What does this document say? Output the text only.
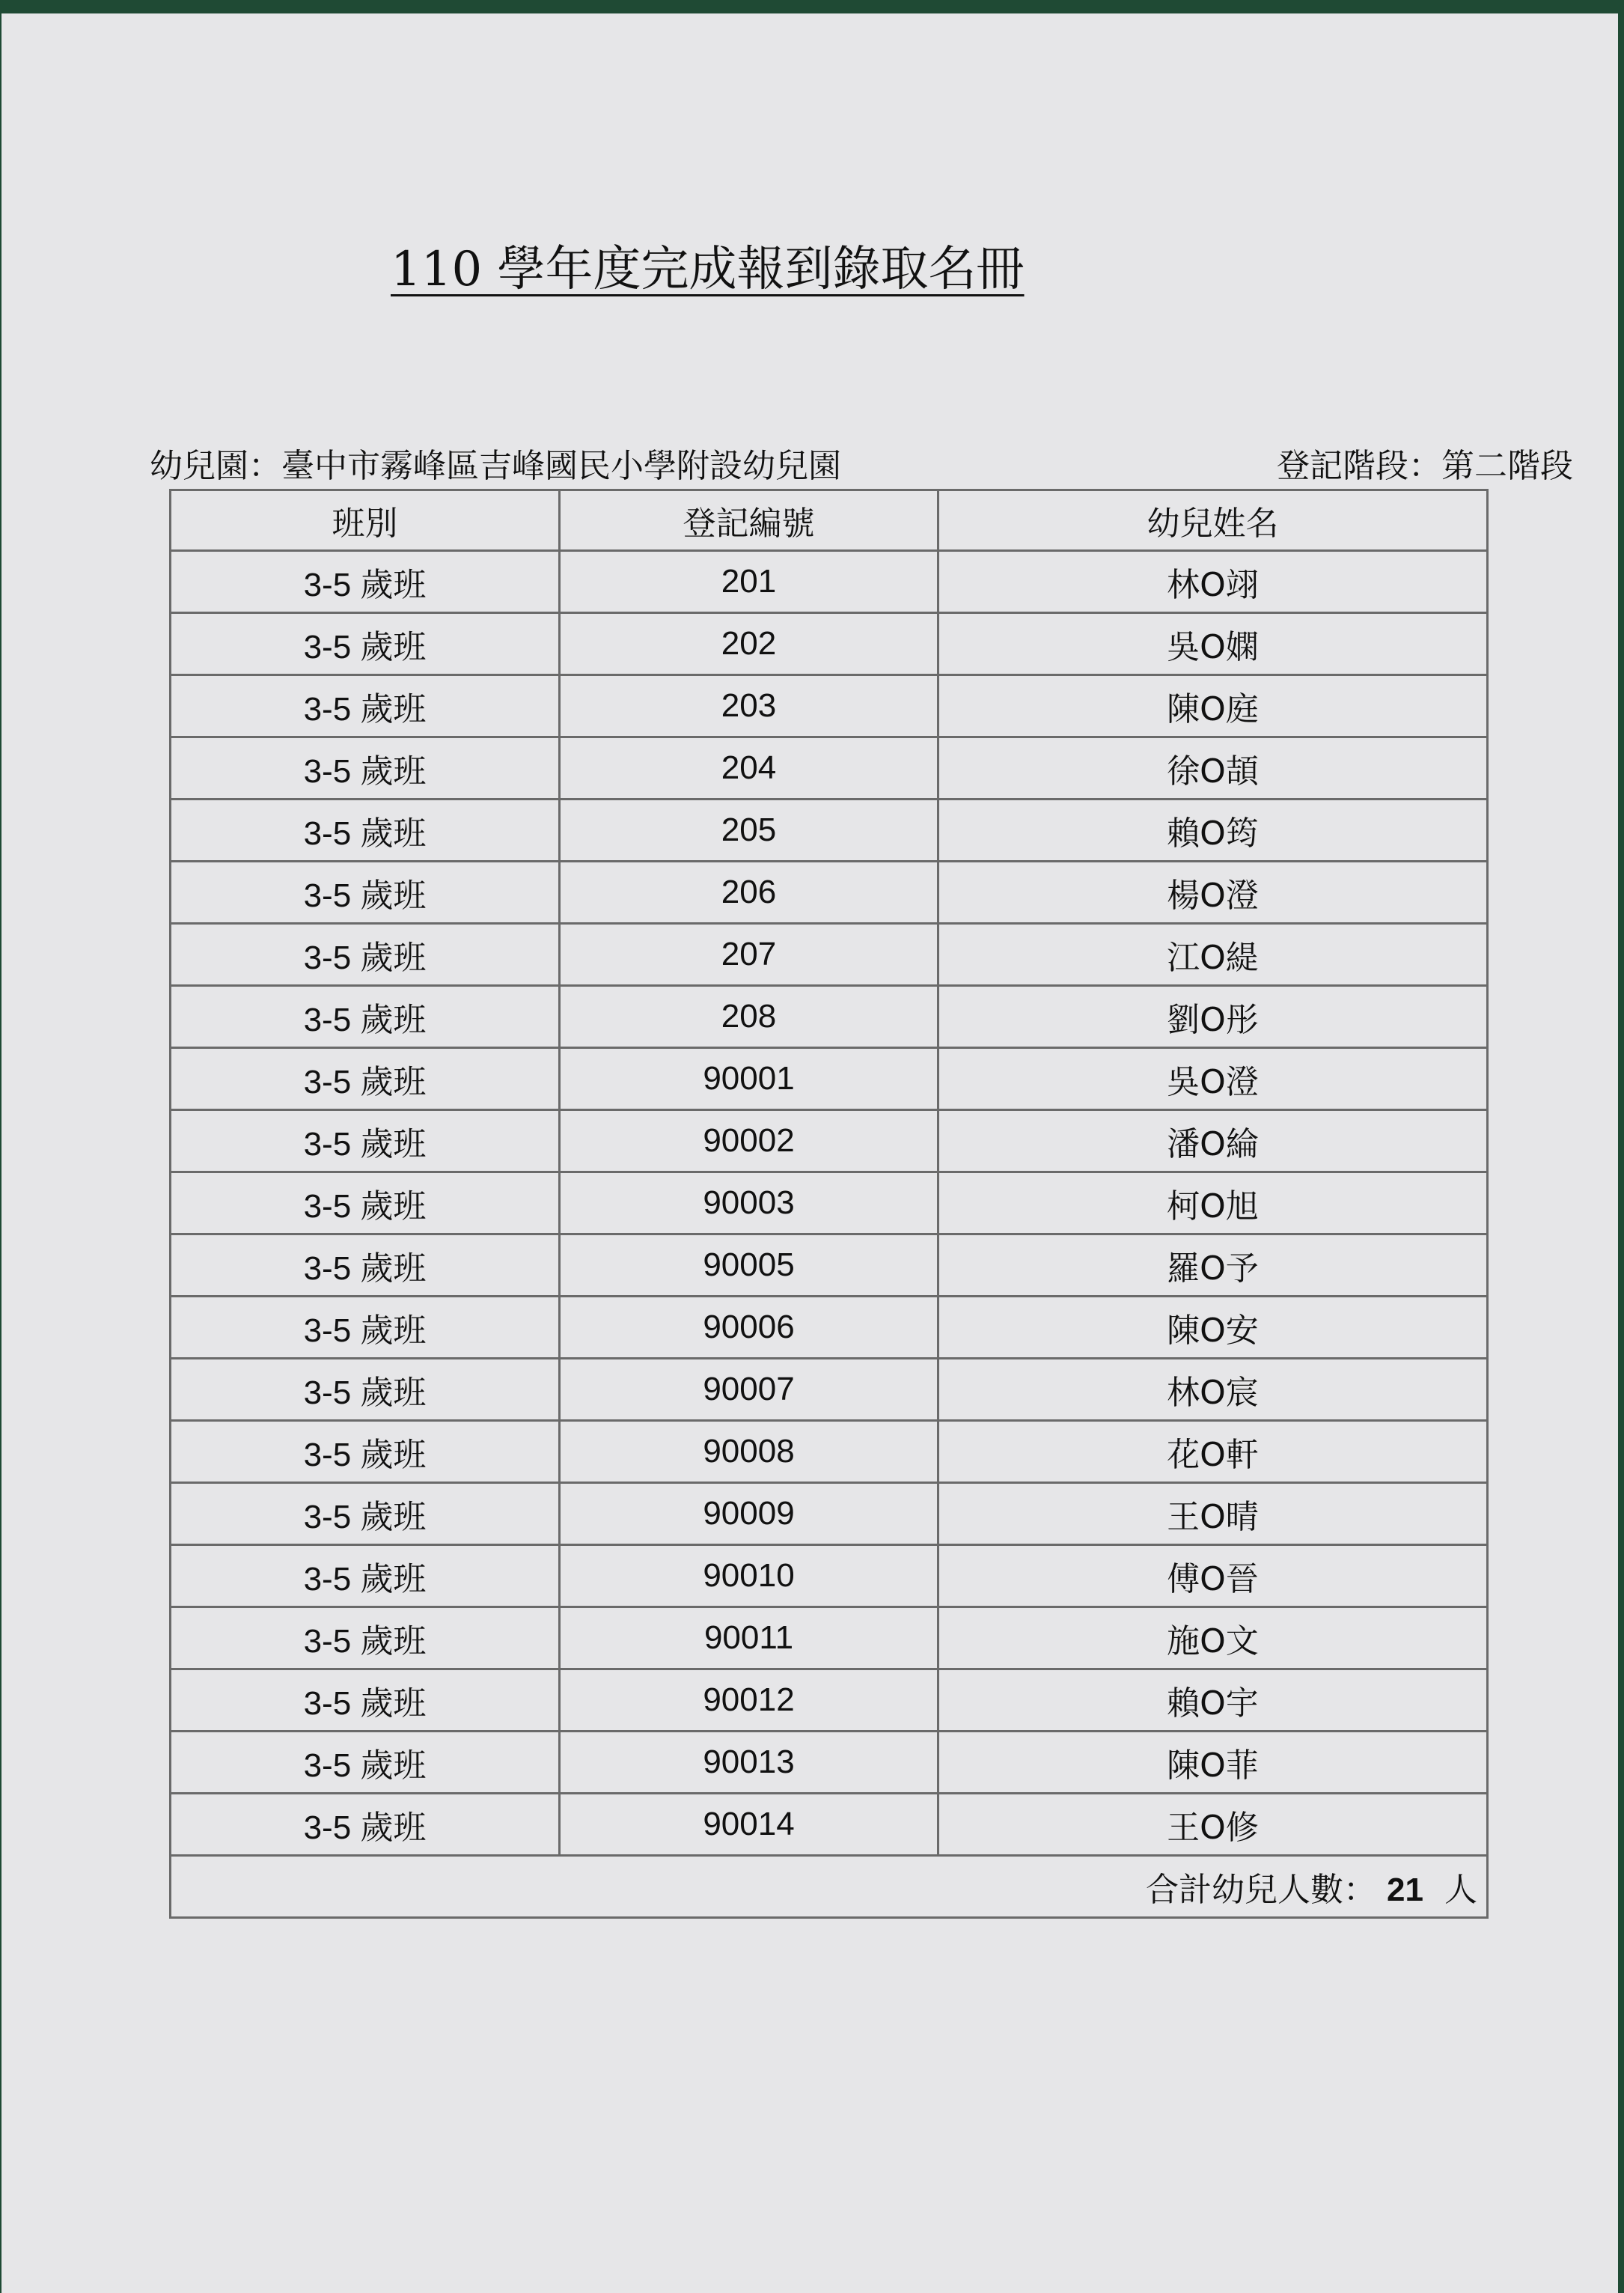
110 學年度完成報到錄取名冊
幼兒園：臺中市霧峰區吉峰國民小學附設幼兒園	登記階段：第二階段
班別	登記編號	幼兒姓名
3-5 歲班	201	林O翊
3-5 歲班	202	吳O嫻
3-5 歲班	203	陳O庭
3-5 歲班	204	徐O頡
3-5 歲班	205	賴O筠
3-5 歲班	206	楊O澄
3-5 歲班	207	江O緹
3-5 歲班	208	劉O彤
3-5 歲班	90001	吳O澄
3-5 歲班	90002	潘O綸
3-5 歲班	90003	柯O旭
3-5 歲班	90005	羅O予
3-5 歲班	90006	陳O安
3-5 歲班	90007	林O宸
3-5 歲班	90008	花O軒
3-5 歲班	90009	王O晴
3-5 歲班	90010	傅O晉
3-5 歲班	90011	施O文
3-5 歲班	90012	賴O宇
3-5 歲班	90013	陳O菲
3-5 歲班	90014	王O修
合計幼兒人數： 21 人		
